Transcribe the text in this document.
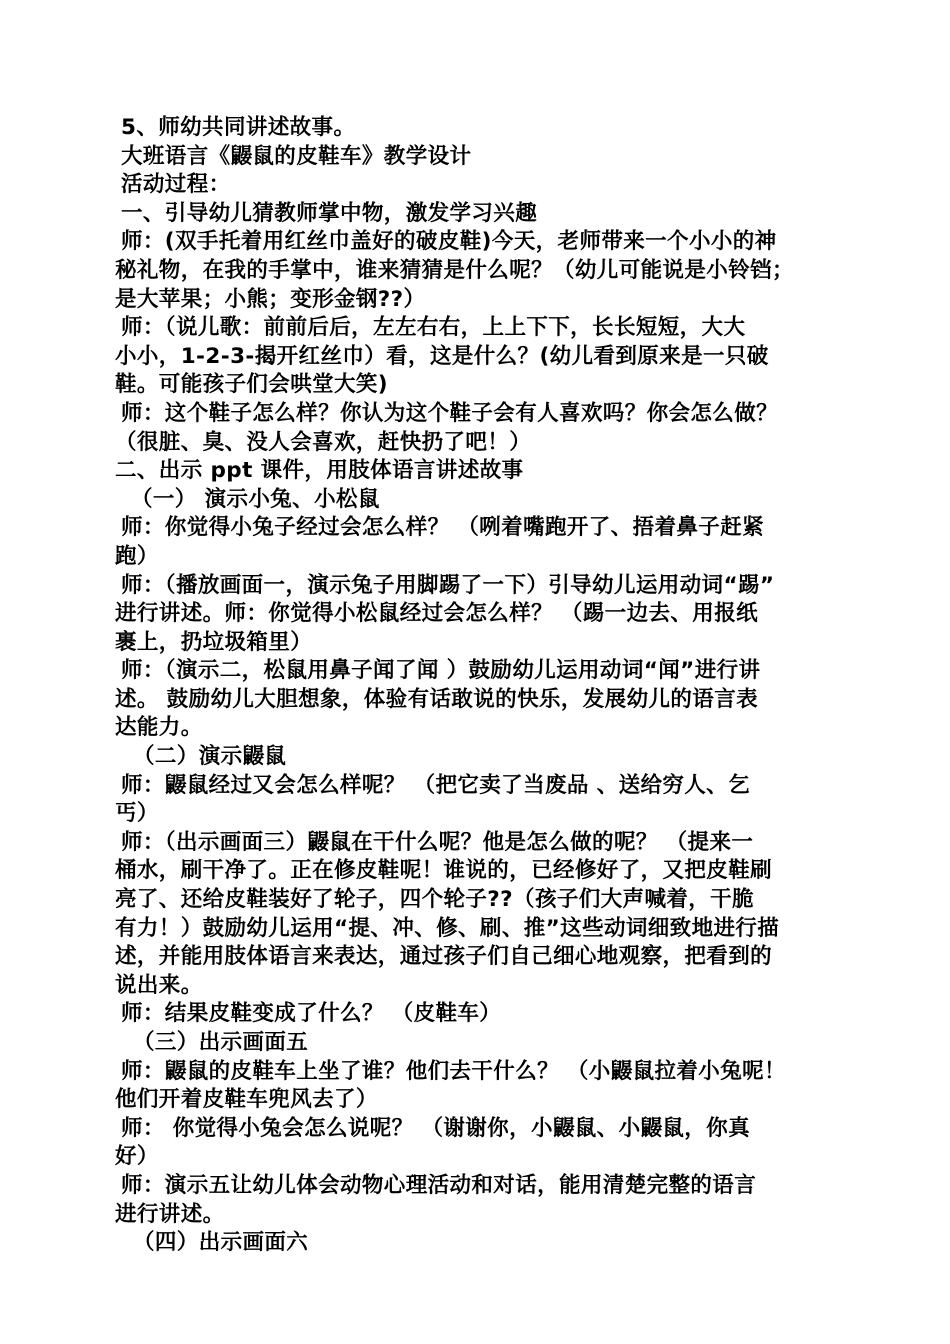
5、师幼共同讲述故事。
大班语言《鼹鼠的皮鞋车》教学设计
活动过程：
一、引导幼儿猜教师掌中物，激发学习兴趣
师：(双手托着用红丝巾盖好的破皮鞋)今天，老师带来一个小小的神
秘礼物，在我的手掌中，谁来猜猜是什么呢？（幼儿可能说是小铃铛；
是大苹果；小熊；变形金钢??）
师：（说儿歌：前前后后，左左右右，上上下下，长长短短，大大
小小，1-2-3-揭开红丝巾）看，这是什么？(幼儿看到原来是一只破
鞋。可能孩子们会哄堂大笑)
师：这个鞋子怎么样？你认为这个鞋子会有人喜欢吗？你会怎么做？
（很脏、臭、没人会喜欢，赶快扔了吧！）
二、出示 ppt 课件，用肢体语言讲述故事
（一） 演示小兔、小松鼠
师：你觉得小兔子经过会怎么样？ （咧着嘴跑开了、捂着鼻子赶紧
跑）
师：（播放画面一，演示兔子用脚踢了一下）引导幼儿运用动词“踢”
进行讲述。师：你觉得小松鼠经过会怎么样？ （踢一边去、用报纸
裹上，扔垃圾箱里）
师：（演示二，松鼠用鼻子闻了闻 ）鼓励幼儿运用动词“闻”进行讲
述。 鼓励幼儿大胆想象，体验有话敢说的快乐，发展幼儿的语言表
达能力。
（二）演示鼹鼠
师：鼹鼠经过又会怎么样呢？ （把它卖了当废品 、送给穷人、乞
丐）
师：（出示画面三）鼹鼠在干什么呢？他是怎么做的呢？ （提来一
桶水，刷干净了。正在修皮鞋呢！谁说的，已经修好了，又把皮鞋刷
亮了、还给皮鞋装好了轮子，四个轮子??（孩子们大声喊着，干脆
有力！）鼓励幼儿运用“提、冲、修、刷、推”这些动词细致地进行描
述，并能用肢体语言来表达，通过孩子们自己细心地观察，把看到的
说出来。
师：结果皮鞋变成了什么？ （皮鞋车）
（三）出示画面五
师：鼹鼠的皮鞋车上坐了谁？他们去干什么？ （小鼹鼠拉着小兔呢！
他们开着皮鞋车兜风去了）
师： 你觉得小兔会怎么说呢？ （谢谢你，小鼹鼠、小鼹鼠，你真
好）
师：演示五让幼儿体会动物心理活动和对话，能用清楚完整的语言
进行讲述。
（四）出示画面六
